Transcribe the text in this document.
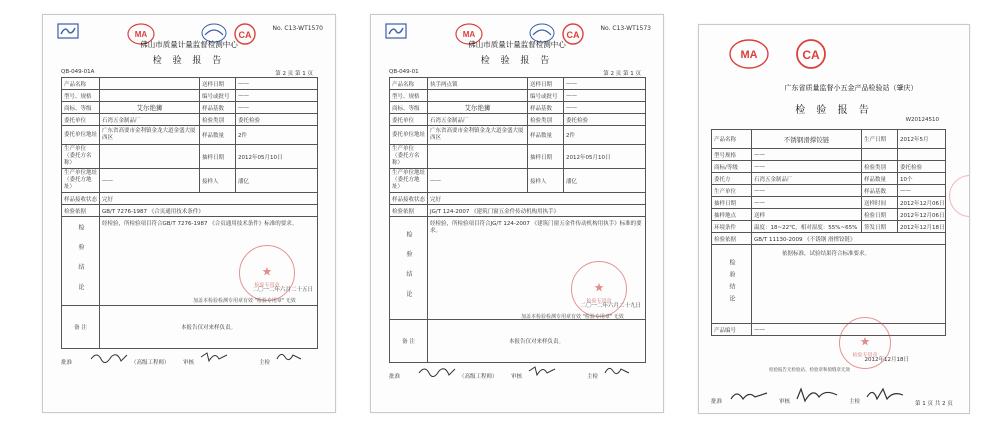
MA	CA
No. C13-WT1570
佛山市质量计量监督检测中心
检 验 报 告
QB-049-01A	第 2 页 第 1 页
产品名称		送样日期	——
型号、规格		编号或批号	——
商标、等级	艾尔绝狮	样品基数	——
委托单位	石湾五金制品厂	检验类别	委托检验
委托单位地址	广东省高要市金利镇金龙大道金盛大厦西区	样品数量	2件
生产单位
（委托方名称）		抽样日期	2012年05月10日
生产单位地址
（委托方地址）	——	接样人	潘亿
样品接收状态	完好		
检验依据	GB/T 7276-1987 《合页通用技术条件》		
检 验 结 论	经检验，所检验项目符合GB/T 7276-1987 《合页通用技术条件》标准的要求。		
备 注	本报告仅对来样负责。		
★
检验专用章
二〇一二年六月二十五日
加盖本检验检测专用章有效 "检验专用章" 无效
批准	（高级工程师） 审核	主检
MA	CA
No. C13-WT1573
佛山市质量计量监督检测中心
检 验 报 告
QB-049-01	第 2 页 第 1 页
产品名称	执手两点锁	送样日期	——
型号、规格		编号或批号	——
商标、等级	艾尔绝狮	样品基数	——
委托单位	石湾五金制品厂	检验类别	委托检验
委托单位地址	广东省高要市金利镇金龙大道金盛大厦西区	样品数量	2件
生产单位
（委托方名称）		抽样日期	2012年05月10日
生产单位地址
（委托方地址）	——	接样人	潘亿
样品接收状态	完好		
检验依据	JG/T 124-2007 《建筑门窗五金件传动机构用执手》		
检 验 结 论	经检验，所检验项目符合JG/T 124-2007 《建筑门窗五金件传动机构用执手》标准的要求。		
备 注	本报告仅对来样负责。		
★
检验专用章
二〇一二年六月二十九日
加盖本检验检测专用章有效 "检验专用章" 无效
批准	（高级工程师） 审核	主检
MA	CA
广东省质量监督小五金产品检验站（肇庆）
检 验 报 告
W20124510
产品名称	不锈钢滑撑铰链	生产日期	2012年5月
型号规格	——		
商标/等级	——	检验类别	委托检验
委托方	石湾五金制品厂	样品数量	10个
生产单位	——	样品基数	——
抽样日期	——	送样时间	2012年12月06日
抽样地点	送样	检验日期	2012年12月06日
环境条件	温度：18~22℃，相对湿度：55%~65%	签发日期	2012年12月18日
检验依据	GB/T 11130-2009 《不锈钢 滑撑铰链》		
检验结论	依据标准，试验结果符合标准要求。		
产品编号	——		
★
检验专用章
2012年12月18日
检验报告无检验站、检验章和骑缝章无效
批准	审核	主检	第 1 页 共 2 页
